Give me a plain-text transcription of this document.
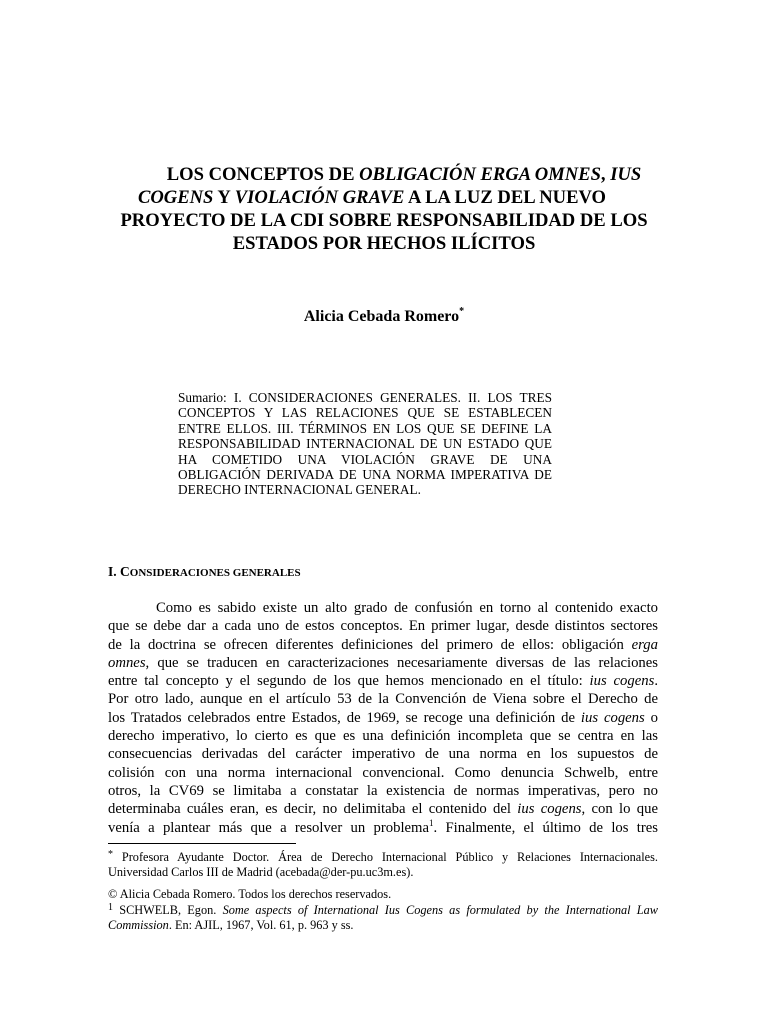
LOS CONCEPTOS DE OBLIGACIÓN ERGA OMNES, IUS
COGENS Y VIOLACIÓN GRAVE A LA LUZ DEL NUEVO
PROYECTO DE LA CDI SOBRE RESPONSABILIDAD DE LOS
ESTADOS POR HECHOS ILÍCITOS
Alicia Cebada Romero*
Sumario: I. CONSIDERACIONES GENERALES. II. LOS TRES
CONCEPTOS Y LAS RELACIONES QUE SE ESTABLECEN
ENTRE ELLOS. III. TÉRMINOS EN LOS QUE SE DEFINE LA
RESPONSABILIDAD INTERNACIONAL DE UN ESTADO QUE
HA COMETIDO UNA VIOLACIÓN GRAVE DE UNA
OBLIGACIÓN DERIVADA DE UNA NORMA IMPERATIVA DE
DERECHO INTERNACIONAL GENERAL.
I. CONSIDERACIONES GENERALES
Como es sabido existe un alto grado de confusión en torno al contenido exacto
que se debe dar a cada uno de estos conceptos. En primer lugar, desde distintos sectores
de la doctrina se ofrecen diferentes definiciones del primero de ellos: obligación erga
omnes, que se traducen en caracterizaciones necesariamente diversas de las relaciones
entre tal concepto y el segundo de los que hemos mencionado en el título: ius cogens.
Por otro lado, aunque en el artículo 53 de la Convención de Viena sobre el Derecho de
los Tratados celebrados entre Estados, de 1969, se recoge una definición de ius cogens o
derecho imperativo, lo cierto es que es una definición incompleta que se centra en las
consecuencias derivadas del carácter imperativo de una norma en los supuestos de
colisión con una norma internacional convencional. Como denuncia Schwelb, entre
otros, la CV69 se limitaba a constatar la existencia de normas imperativas, pero no
determinaba cuáles eran, es decir, no delimitaba el contenido del ius cogens, con lo que
venía a plantear más que a resolver un problema$^1$. Finalmente, el último de los tres
* Profesora Ayudante Doctor. Área de Derecho Internacional Público y Relaciones Internacionales.
Universidad Carlos III de Madrid (acebada@der-pu.uc3m.es).
© Alicia Cebada Romero. Todos los derechos reservados.
$^1$ SCHWELB, Egon. Some aspects of International Ius Cogens as formulated by the International Law
Commission. En: AJIL, 1967, Vol. 61, p. 963 y ss.
